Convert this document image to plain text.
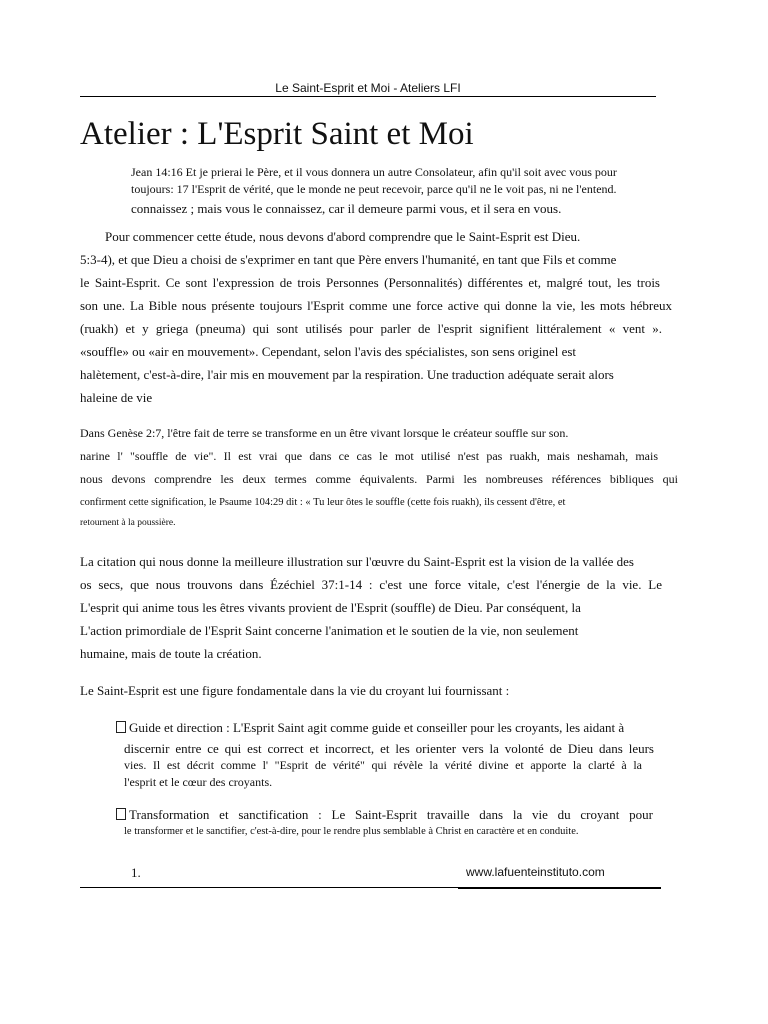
Le Saint-Esprit et Moi - Ateliers LFI
Atelier : L'Esprit Saint et Moi
Jean 14:16 Et je prierai le Père, et il vous donnera un autre Consolateur, afin qu'il soit avec vous pour
toujours: 17 l'Esprit de vérité, que le monde ne peut recevoir, parce qu'il ne le voit pas, ni ne l'entend.
connaissez ; mais vous le connaissez, car il demeure parmi vous, et il sera en vous.
Pour commencer cette étude, nous devons d'abord comprendre que le Saint-Esprit est Dieu.
5:3-4), et que Dieu a choisi de s'exprimer en tant que Père envers l'humanité, en tant que Fils et comme
le Saint-Esprit. Ce sont l'expression de trois Personnes (Personnalités) différentes et, malgré tout, les trois
son une. La Bible nous présente toujours l'Esprit comme une force active qui donne la vie, les mots hébreux
(ruakh) et y griega (pneuma) qui sont utilisés pour parler de l'esprit signifient littéralement « vent ».
«souffle» ou «air en mouvement». Cependant, selon l'avis des spécialistes, son sens originel est
halètement, c'est-à-dire, l'air mis en mouvement par la respiration. Une traduction adéquate serait alors
haleine de vie
Dans Genèse 2:7, l'être fait de terre se transforme en un être vivant lorsque le créateur souffle sur son.
narine l' "souffle de vie". Il est vrai que dans ce cas le mot utilisé n'est pas ruakh, mais neshamah, mais
nous devons comprendre les deux termes comme équivalents. Parmi les nombreuses références bibliques qui
confirment cette signification, le Psaume 104:29 dit : « Tu leur ôtes le souffle (cette fois ruakh), ils cessent d'être, et
retournent à la poussière.
La citation qui nous donne la meilleure illustration sur l'œuvre du Saint-Esprit est la vision de la vallée des
os secs, que nous trouvons dans Ézéchiel 37:1-14 : c'est une force vitale, c'est l'énergie de la vie. Le
L'esprit qui anime tous les êtres vivants provient de l'Esprit (souffle) de Dieu. Par conséquent, la
L'action primordiale de l'Esprit Saint concerne l'animation et le soutien de la vie, non seulement
humaine, mais de toute la création.
Le Saint-Esprit est une figure fondamentale dans la vie du croyant lui fournissant :
Guide et direction : L'Esprit Saint agit comme guide et conseiller pour les croyants, les aidant à
discernir entre ce qui est correct et incorrect, et les orienter vers la volonté de Dieu dans leurs
vies. Il est décrit comme l' "Esprit de vérité" qui révèle la vérité divine et apporte la clarté à la
l'esprit et le cœur des croyants.
Transformation et sanctification : Le Saint-Esprit travaille dans la vie du croyant pour
le transformer et le sanctifier, c'est-à-dire, pour le rendre plus semblable à Christ en caractère et en conduite.
1.	www.lafuenteinstituto.com
